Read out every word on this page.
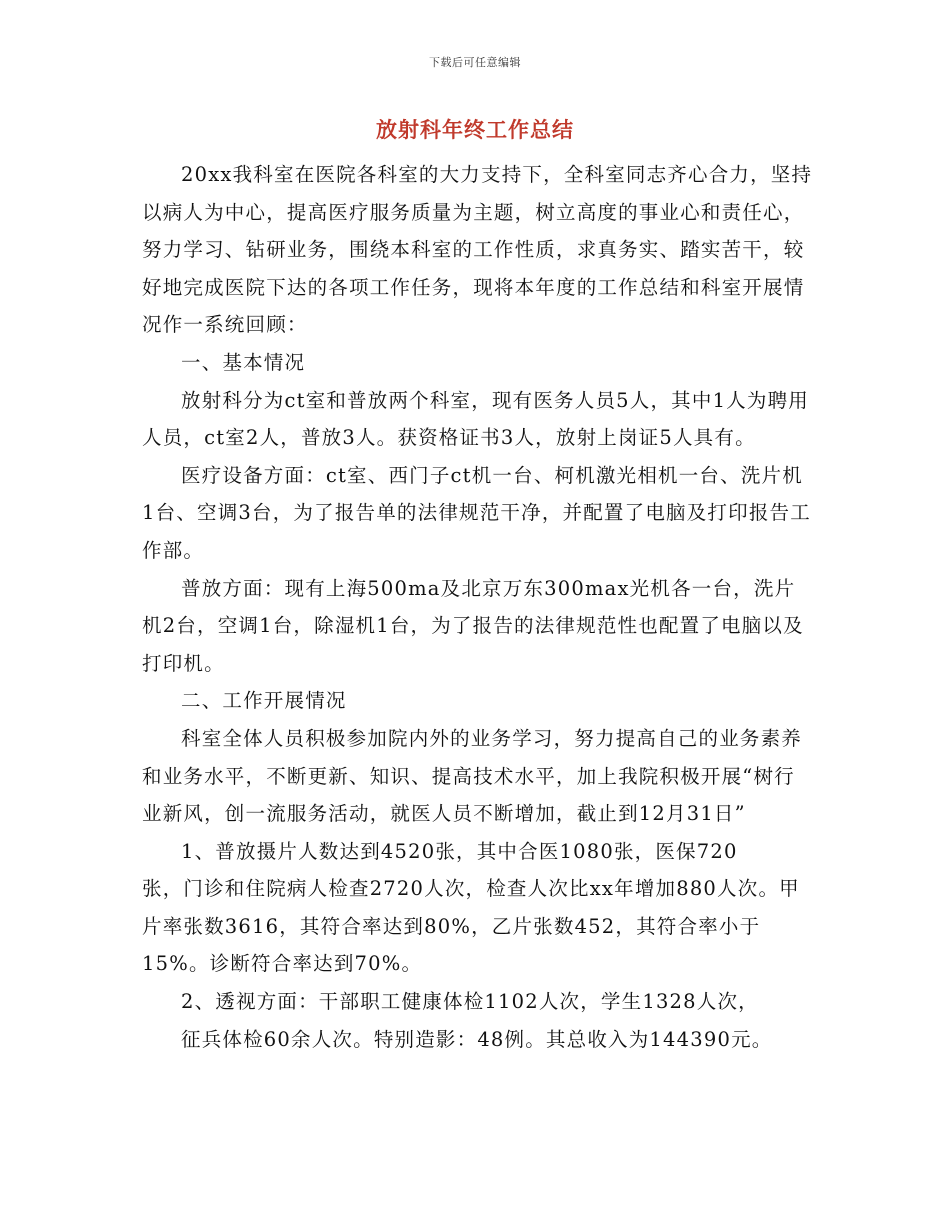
下载后可任意编辑
放射科年终工作总结

20xx我科室在医院各科室的大力支持下，全科室同志齐心合力，坚持以病人为中心，提高医疗服务质量为主题，树立高度的事业心和责任心，努力学习、钻研业务，围绕本科室的工作性质，求真务实、踏实苦干，较好地完成医院下达的各项工作任务，现将本年度的工作总结和科室开展情况作一系统回顾：

一、基本情况

放射科分为ct室和普放两个科室，现有医务人员5人，其中1人为聘用人员，ct室2人，普放3人。获资格证书3人，放射上岗证5人具有。

医疗设备方面：ct室、西门子ct机一台、柯机激光相机一台、洗片机1台、空调3台，为了报告单的法律规范干净，并配置了电脑及打印报告工作部。

普放方面：现有上海500ma及北京万东300max光机各一台，洗片机2台，空调1台，除湿机1台，为了报告的法律规范性也配置了电脑以及打印机。

二、工作开展情况

科室全体人员积极参加院内外的业务学习，努力提高自己的业务素养和业务水平，不断更新、知识、提高技术水平，加上我院积极开展“树行业新风，创一流服务活动，就医人员不断增加，截止到12月31日”

1、普放摄片人数达到4520张，其中合医1080张，医保720

张，门诊和住院病人检查2720人次，检查人次比xx年增加880人次。甲片率张数3616，其符合率达到80%，乙片张数452，其符合率小于15%。诊断符合率达到70%。

2、透视方面：干部职工健康体检1102人次，学生1328人次，

征兵体检60余人次。特别造影：48例。其总收入为144390元。
